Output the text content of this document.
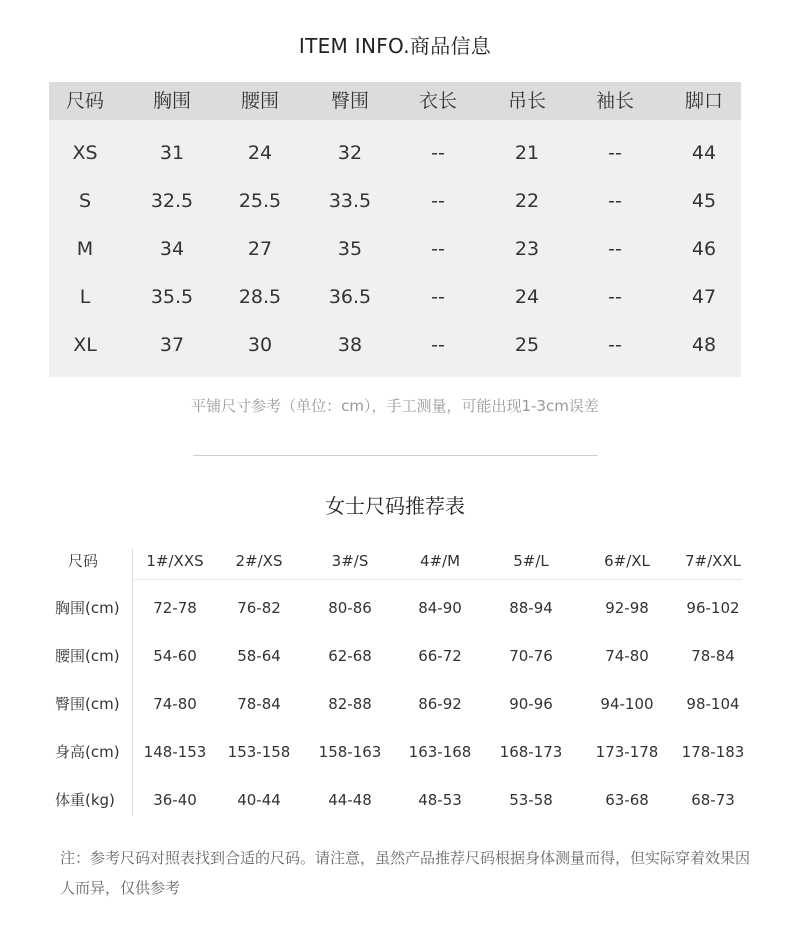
ITEM INFO.商品信息
尺码	胸围	腰围	臀围	衣长	吊长	袖长	脚口
XS	31	24	32	--	21	--	44
S	32.5	25.5	33.5	--	22	--	45
M	34	27	35	--	23	--	46
L	35.5	28.5	36.5	--	24	--	47
XL	37	30	38	--	25	--	48
平铺尺寸参考（单位：cm），手工测量，可能出现1-3cm误差
女士尺码推荐表
尺码	1#/XXS	2#/XS	3#/S	4#/M	5#/L	6#/XL	7#/XXL
胸围(cm)	72-78	76-82	80-86	84-90	88-94	92-98	96-102
腰围(cm)	54-60	58-64	62-68	66-72	70-76	74-80	78-84
臀围(cm)	74-80	78-84	82-88	86-92	90-96	94-100	98-104
身高(cm)	148-153	153-158	158-163	163-168	168-173	173-178	178-183
体重(kg)	36-40	40-44	44-48	48-53	53-58	63-68	68-73
注：参考尺码对照表找到合适的尺码。请注意，虽然产品推荐尺码根据身体测量而得，但实际穿着效果因人而异，仅供参考
